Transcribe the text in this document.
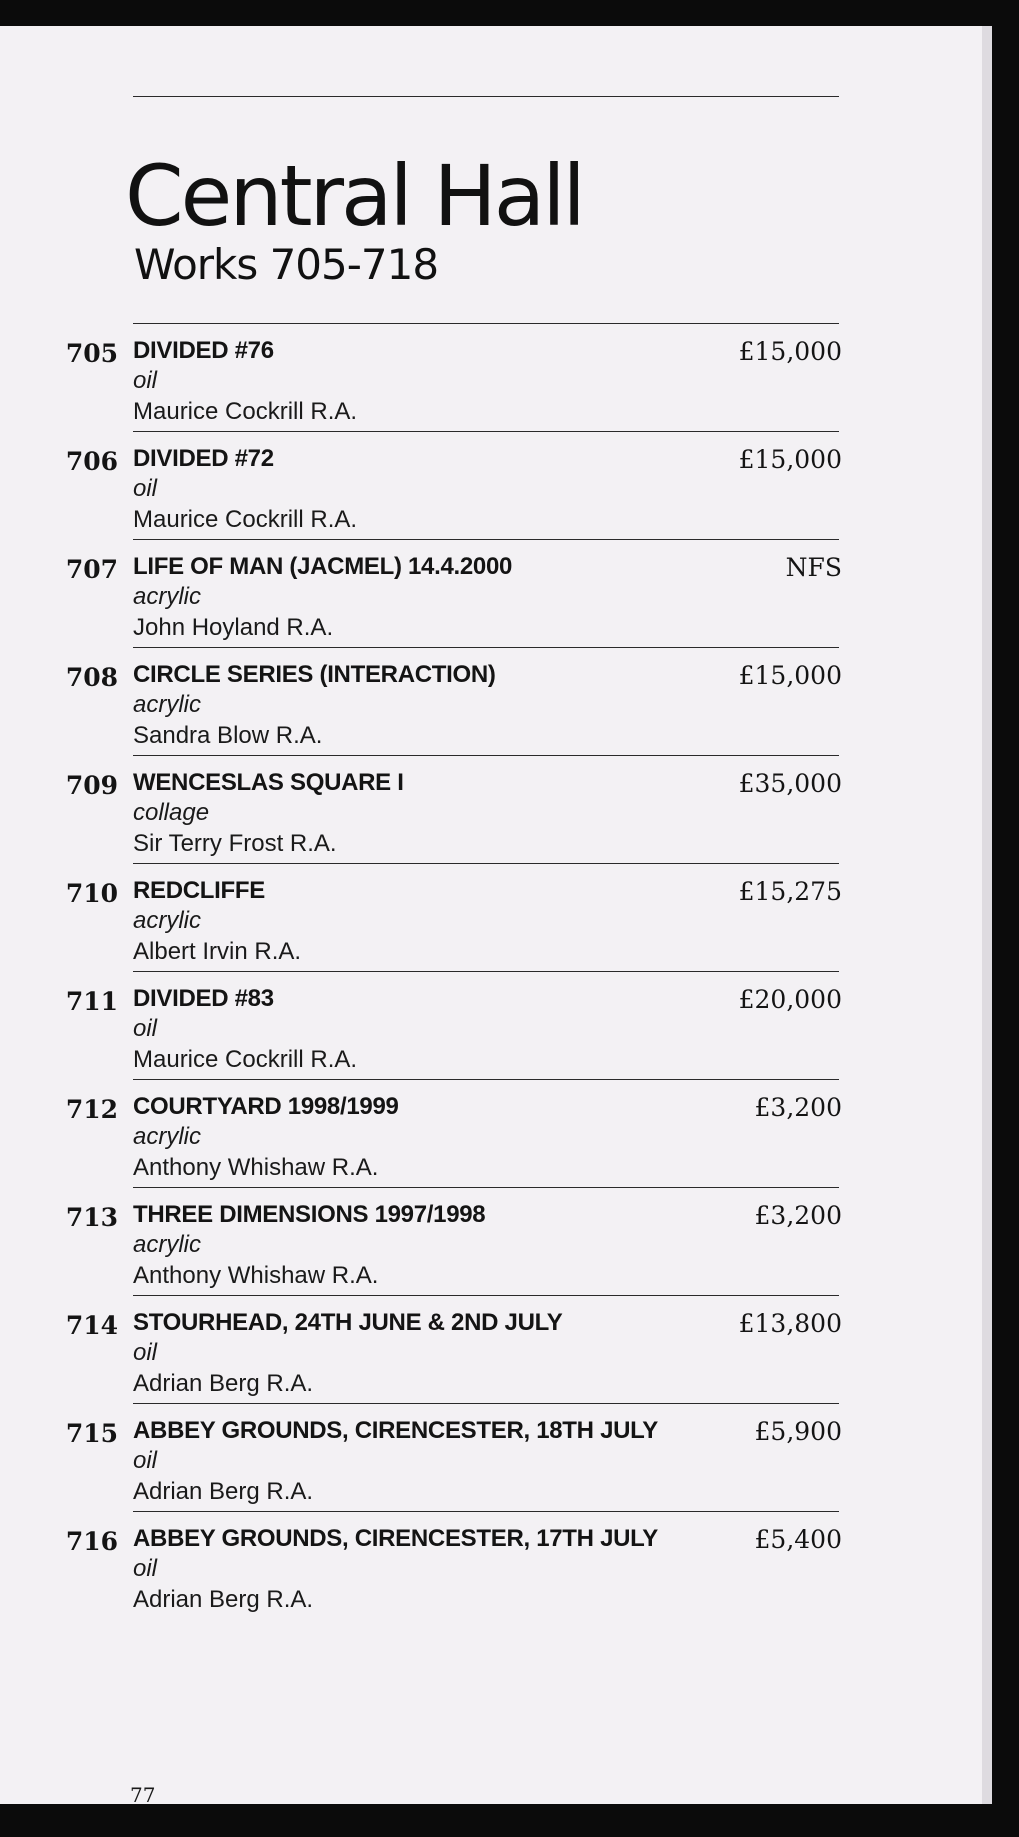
Central Hall
Works 705-718
705 DIVIDED #76
oil
Maurice Cockrill R.A.
£15,000
706 DIVIDED #72
oil
Maurice Cockrill R.A.
£15,000
707 LIFE OF MAN (JACMEL) 14.4.2000
acrylic
John Hoyland R.A.
NFS
708 CIRCLE SERIES (INTERACTION)
acrylic
Sandra Blow R.A.
£15,000
709 WENCESLAS SQUARE I
collage
Sir Terry Frost R.A.
£35,000
710 REDCLIFFE
acrylic
Albert Irvin R.A.
£15,275
711 DIVIDED #83
oil
Maurice Cockrill R.A.
£20,000
712 COURTYARD 1998/1999
acrylic
Anthony Whishaw R.A.
£3,200
713 THREE DIMENSIONS 1997/1998
acrylic
Anthony Whishaw R.A.
£3,200
714 STOURHEAD, 24TH JUNE & 2ND JULY
oil
Adrian Berg R.A.
£13,800
715 ABBEY GROUNDS, CIRENCESTER, 18TH JULY
oil
Adrian Berg R.A.
£5,900
716 ABBEY GROUNDS, CIRENCESTER, 17TH JULY
oil
Adrian Berg R.A.
£5,400
77
